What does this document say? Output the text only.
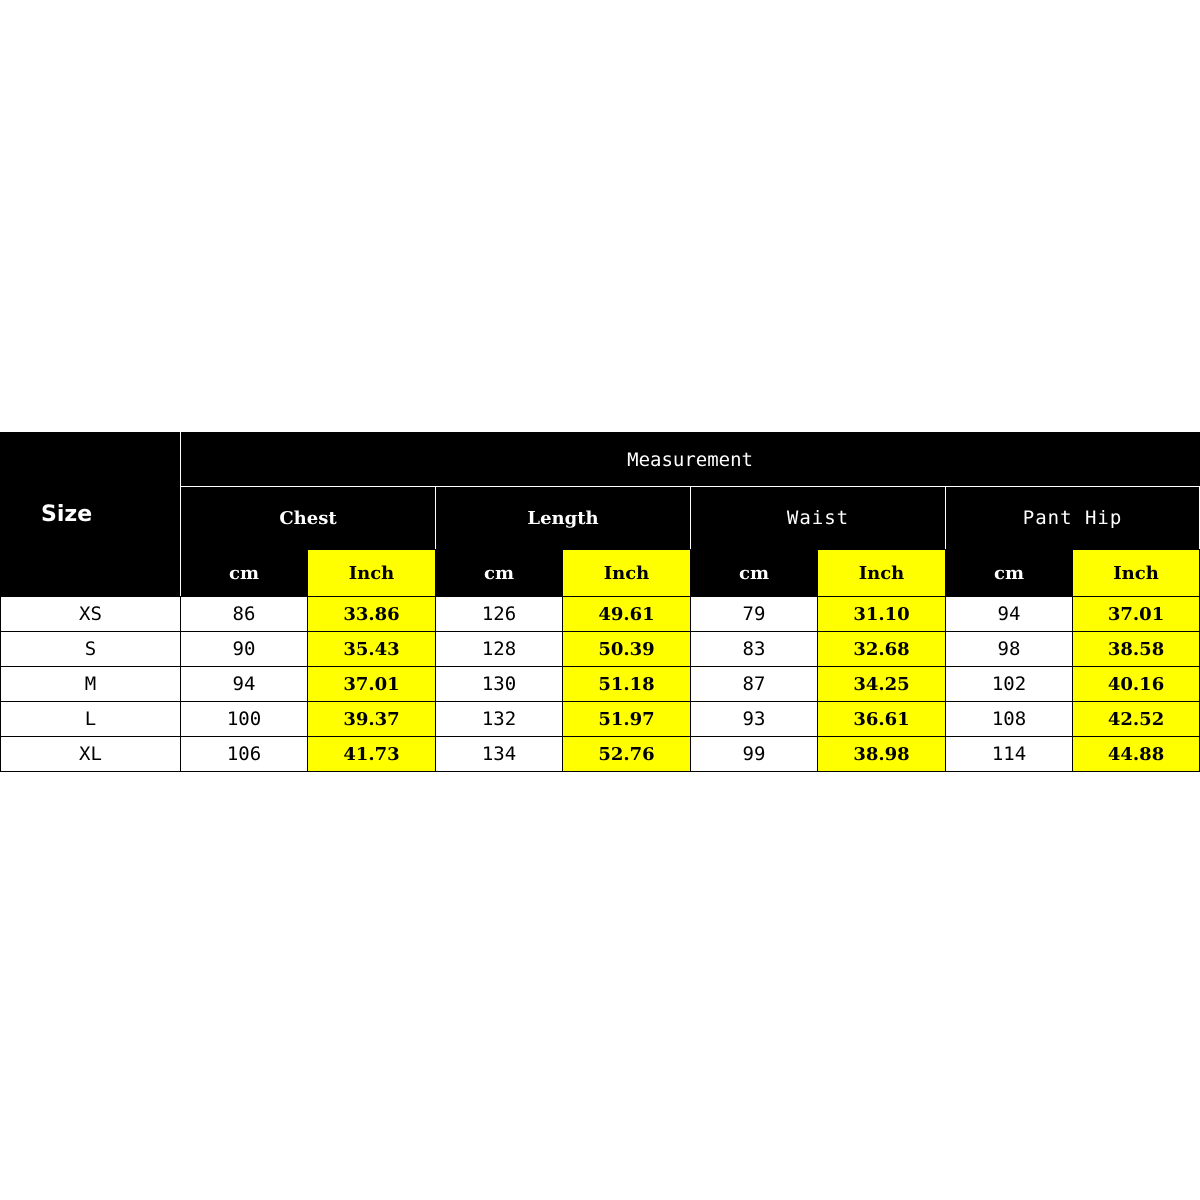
Size	Measurement							
	Chest		Length		Waist		Pant Hip	
	cm	Inch	cm	Inch	cm	Inch	cm	Inch
XS	86	33.86	126	49.61	79	31.10	94	37.01
S	90	35.43	128	50.39	83	32.68	98	38.58
M	94	37.01	130	51.18	87	34.25	102	40.16
L	100	39.37	132	51.97	93	36.61	108	42.52
XL	106	41.73	134	52.76	99	38.98	114	44.88
